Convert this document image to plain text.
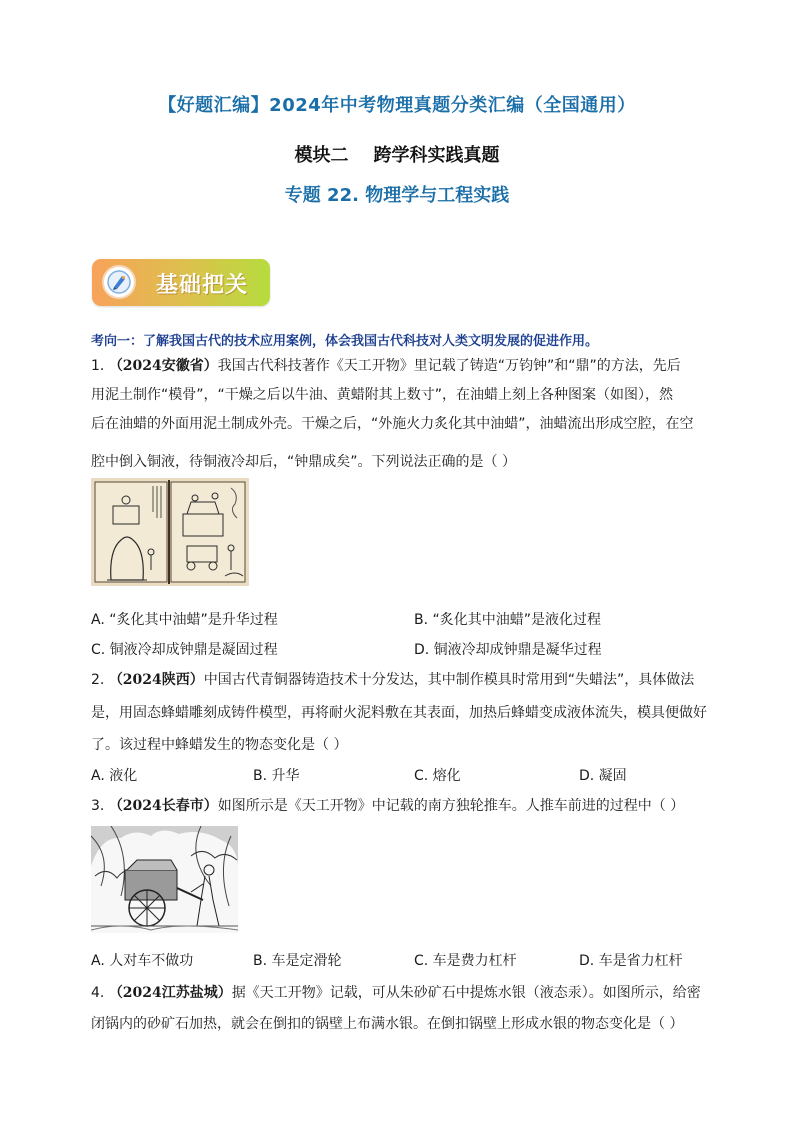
【好题汇编】2024年中考物理真题分类汇编（全国通用）
模块二    跨学科实践真题
专题 22. 物理学与工程实践
基础把关
考向一：了解我国古代的技术应用案例，体会我国古代科技对人类文明发展的促进作用。
1. （2024安徽省）我国古代科技著作《天工开物》里记载了铸造“万钧钟”和“鼎”的方法，先后
用泥土制作“模骨”，“干燥之后以牛油、黄蜡附其上数寸”，在油蜡上刻上各种图案（如图），然
后在油蜡的外面用泥土制成外壳。干燥之后，“外施火力炙化其中油蜡”，油蜡流出形成空腔，在空
腔中倒入铜液，待铜液冷却后，“钟鼎成矣”。下列说法正确的是（ ）
A. “炙化其中油蜡”是升华过程	B. “炙化其中油蜡”是液化过程
C. 铜液冷却成钟鼎是凝固过程	D. 铜液冷却成钟鼎是凝华过程
2. （2024陕西）中国古代青铜器铸造技术十分发达，其中制作模具时常用到“失蜡法”，具体做法
是，用固态蜂蜡雕刻成铸件模型，再将耐火泥料敷在其表面，加热后蜂蜡变成液体流失，模具便做好
了。该过程中蜂蜡发生的物态变化是（ ）
A. 液化	B. 升华	C. 熔化	D. 凝固
3. （2024长春市）如图所示是《天工开物》中记载的南方独轮推车。人推车前进的过程中（ ）
A. 人对车不做功	B. 车是定滑轮	C. 车是费力杠杆	D. 车是省力杠杆
4. （2024江苏盐城）据《天工开物》记载，可从朱砂矿石中提炼水银（液态汞）。如图所示，给密
闭锅内的砂矿石加热，就会在倒扣的锅壁上布满水银。在倒扣锅壁上形成水银的物态变化是（ ）
